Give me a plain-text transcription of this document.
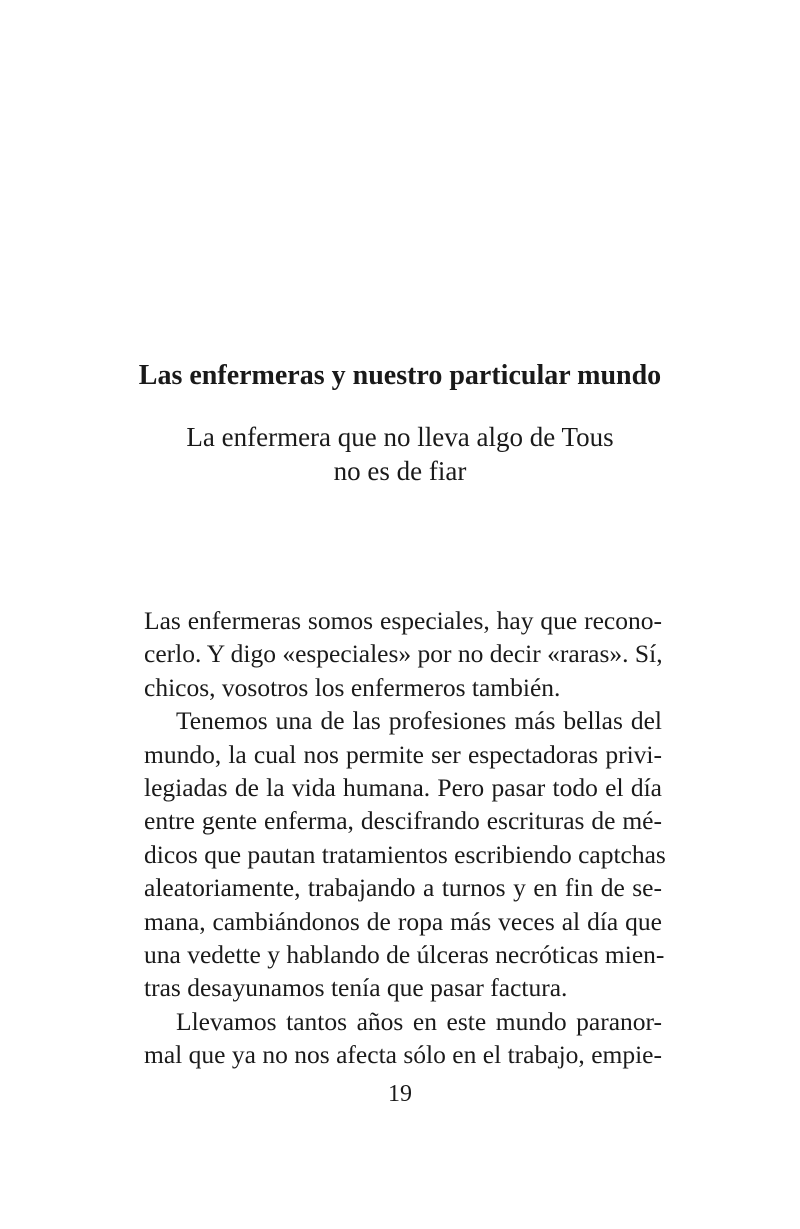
Las enfermeras y nuestro particular mundo
La enfermera que no lleva algo de Tous
no es de fiar
Las enfermeras somos especiales, hay que recono-
cerlo. Y digo «especiales» por no decir «raras». Sí,
chicos, vosotros los enfermeros también.
Tenemos una de las profesiones más bellas del
mundo, la cual nos permite ser espectadoras privi-
legiadas de la vida humana. Pero pasar todo el día
entre gente enferma, descifrando escrituras de mé-
dicos que pautan tratamientos escribiendo captchas
aleatoriamente, trabajando a turnos y en fin de se-
mana, cambiándonos de ropa más veces al día que
una vedette y hablando de úlceras necróticas mien-
tras desayunamos tenía que pasar factura.
Llevamos tantos años en este mundo paranor-
mal que ya no nos afecta sólo en el trabajo, empie-
19
